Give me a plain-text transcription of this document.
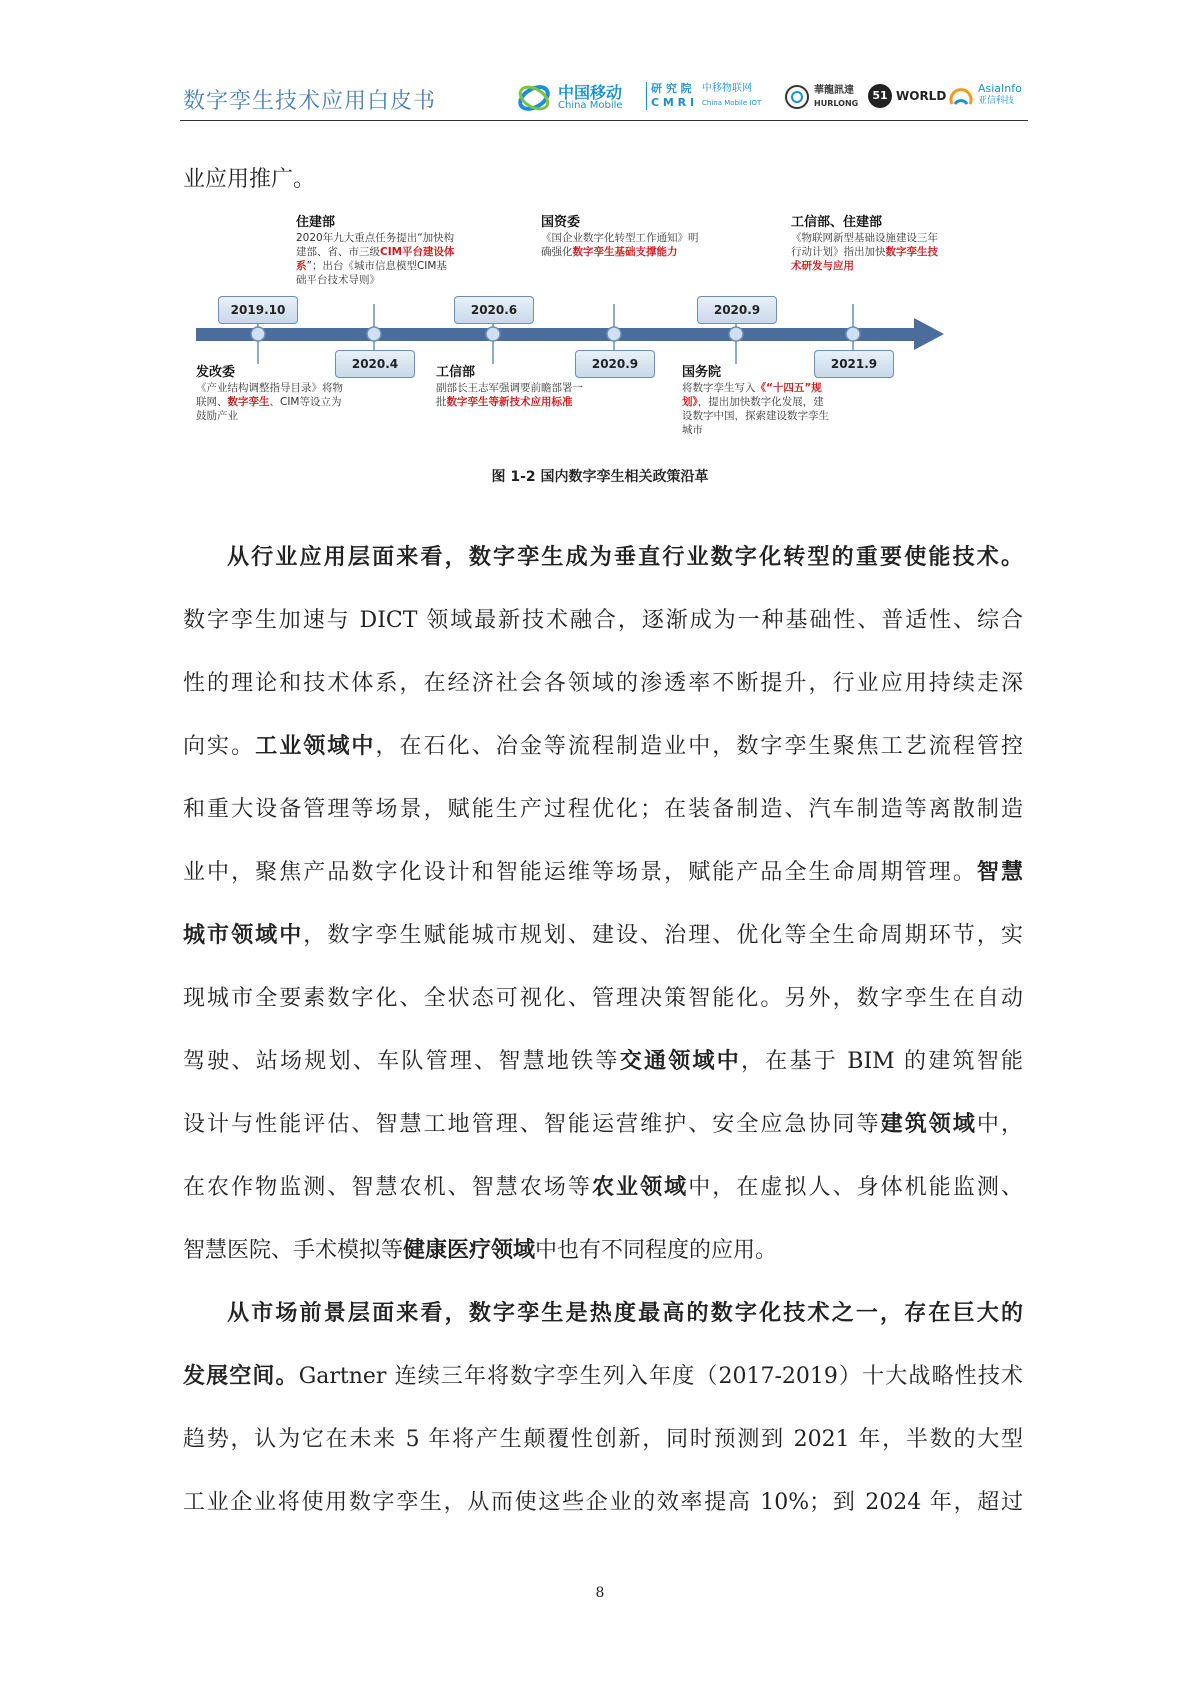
数字孪生技术应用白皮书	中国移动
China Mobile
研 究 院
C M R I
中移物联网
China Mobile IOT
華龍訊達
HURLONG
51 WORLD
AsiaInfo
亚信科技
业应用推广。
2019.10
2020.4
2020.6
2020.9
2020.9
2021.9
发改委
《产业结构调整指导目录》将物联网、数字孪生、CIM等设立为鼓励产业
住建部
2020年九大重点任务提出“加快构建部、省、市三级CIM平台建设体系”；出台《城市信息模型CIM基础平台技术导则》
工信部
副部长王志军强调要前瞻部署一批数字孪生等新技术应用标准
国资委
《国企业数字化转型工作通知》明确强化数字孪生基础支撑能力
国务院
将数字孪生写入《“十四五”规划》，提出加快数字化发展，建设数字中国，探索建设数字孪生城市
工信部、住建部
《物联网新型基础设施建设三年行动计划》指出加快数字孪生技术研发与应用
图 1-2 国内数字孪生相关政策沿革
从行业应用层面来看，数字孪生成为垂直行业数字化转型的重要使能技术。
数字孪生加速与 DICT 领域最新技术融合，逐渐成为一种基础性、普适性、综合
性的理论和技术体系，在经济社会各领域的渗透率不断提升，行业应用持续走深
向实。工业领域中，在石化、冶金等流程制造业中，数字孪生聚焦工艺流程管控
和重大设备管理等场景，赋能生产过程优化；在装备制造、汽车制造等离散制造
业中，聚焦产品数字化设计和智能运维等场景，赋能产品全生命周期管理。智慧
城市领域中，数字孪生赋能城市规划、建设、治理、优化等全生命周期环节，实
现城市全要素数字化、全状态可视化、管理决策智能化。另外，数字孪生在自动
驾驶、站场规划、车队管理、智慧地铁等交通领域中，在基于 BIM 的建筑智能
设计与性能评估、智慧工地管理、智能运营维护、安全应急协同等建筑领域中，
在农作物监测、智慧农机、智慧农场等农业领域中，在虚拟人、身体机能监测、
智慧医院、手术模拟等健康医疗领域中也有不同程度的应用。
从市场前景层面来看，数字孪生是热度最高的数字化技术之一，存在巨大的
发展空间。Gartner 连续三年将数字孪生列入年度（2017-2019）十大战略性技术
趋势，认为它在未来 5 年将产生颠覆性创新，同时预测到 2021 年，半数的大型
工业企业将使用数字孪生，从而使这些企业的效率提高 10%；到 2024 年，超过
8
